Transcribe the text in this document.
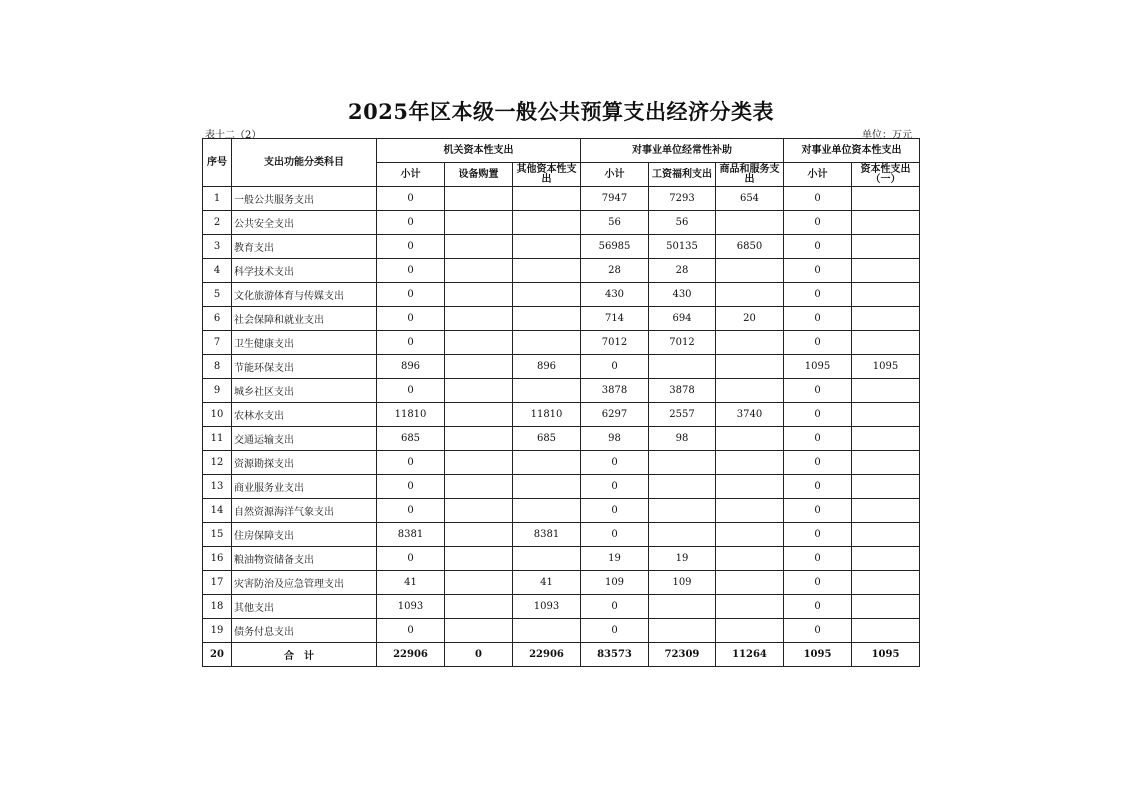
2025年区本级一般公共预算支出经济分类表
表十二（2）	单位：万元
序号	支出功能分类科目	机关资本性支出			对事业单位经常性补助			对事业单位资本性支出	
		小计	设备购置	其他资本性支出	小计	工资福利支出	商品和服务支出	小计	资本性支出（一）
1	一般公共服务支出	0			7947	7293	654	0	
2	公共安全支出	0			56	56		0	
3	教育支出	0			56985	50135	6850	0	
4	科学技术支出	0			28	28		0	
5	文化旅游体育与传媒支出	0			430	430		0	
6	社会保障和就业支出	0			714	694	20	0	
7	卫生健康支出	0			7012	7012		0	
8	节能环保支出	896		896	0			1095	1095
9	城乡社区支出	0			3878	3878		0	
10	农林水支出	11810		11810	6297	2557	3740	0	
11	交通运输支出	685		685	98	98		0	
12	资源勘探支出	0			0			0	
13	商业服务业支出	0			0			0	
14	自然资源海洋气象支出	0			0			0	
15	住房保障支出	8381		8381	0			0	
16	粮油物资储备支出	0			19	19		0	
17	灾害防治及应急管理支出	41		41	109	109		0	
18	其他支出	1093		1093	0			0	
19	债务付息支出	0			0			0	
20	合计	22906	0	22906	83573	72309	11264	1095	1095
